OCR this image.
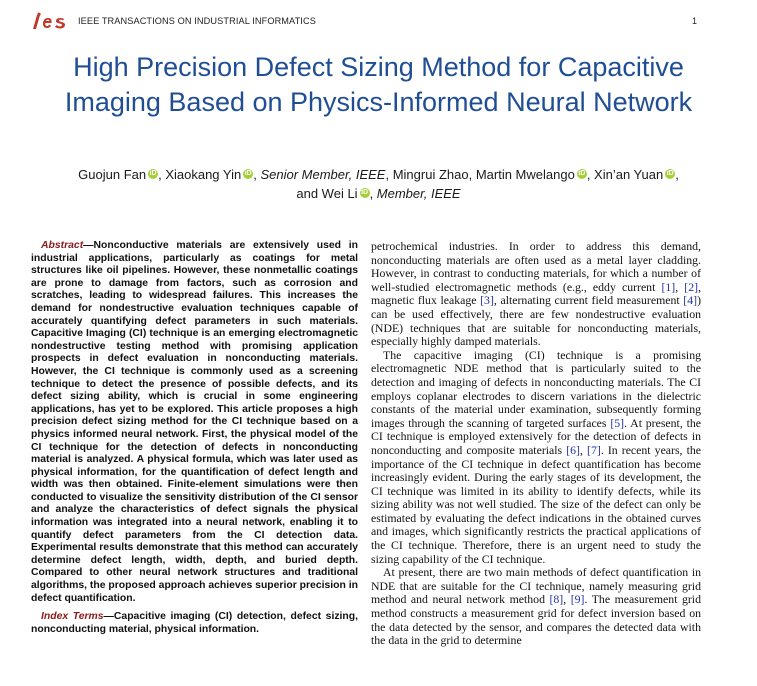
ies
IEEE TRANSACTIONS ON INDUSTRIAL INFORMATICS	1
High Precision Defect Sizing Method for Capacitive Imaging Based on Physics-Informed Neural Network
Guojun Fan iD , Xiaokang Yin iD , Senior Member, IEEE, Mingrui Zhao, Martin Mwelango iD , Xin’an Yuan iD ,
and Wei Li iD , Member, IEEE

Abstract—Nonconductive materials are extensively used in industrial applications, particularly as coatings for metal structures like oil pipelines. However, these nonmetallic coatings are prone to damage from factors, such as corrosion and scratches, leading to widespread failures. This increases the demand for nondestructive evaluation techniques capable of accurately quantifying defect parameters in such materials. Capacitive Imaging (CI) technique is an emerging electromagnetic nondestructive testing method with promising application prospects in defect evaluation in nonconducting materials. However, the CI technique is commonly used as a screening technique to detect the presence of possible defects, and its defect sizing ability, which is crucial in some engineering applications, has yet to be explored. This article proposes a high precision defect sizing method for the CI technique based on a physics informed neural network. First, the physical model of the CI technique for the detection of defects in nonconducting material is analyzed. A physical formula, which was later used as physical information, for the quantification of defect length and width was then obtained. Finite-element simulations were then conducted to visualize the sensitivity distribution of the CI sensor and analyze the characteristics of defect signals the physical information was integrated into a neural network, enabling it to quantify defect parameters from the CI detection data. Experimental results demonstrate that this method can accurately determine defect length, width, depth, and buried depth. Compared to other neural network structures and traditional algorithms, the proposed approach achieves superior precision in defect quantification.

Index Terms—Capacitive imaging (CI) detection, defect sizing, nonconducting material, physical information.

petrochemical industries. In order to address this demand, nonconducting materials are often used as a metal layer cladding. However, in contrast to conducting materials, for which a number of well-studied electromagnetic methods (e.g., eddy current [1], [2], magnetic flux leakage [3], alternating current field measurement [4]) can be used effectively, there are few nondestructive evaluation (NDE) techniques that are suitable for nonconducting materials, especially highly damped materials.

The capacitive imaging (CI) technique is a promising electromagnetic NDE method that is particularly suited to the detection and imaging of defects in nonconducting materials. The CI employs coplanar electrodes to discern variations in the dielectric constants of the material under examination, subsequently forming images through the scanning of targeted surfaces [5]. At present, the CI technique is employed extensively for the detection of defects in nonconducting and composite materials [6], [7]. In recent years, the importance of the CI technique in defect quantification has become increasingly evident. During the early stages of its development, the CI technique was limited in its ability to identify defects, while its sizing ability was not well studied. The size of the defect can only be estimated by evaluating the defect indications in the obtained curves and images, which significantly restricts the practical applications of the CI technique. Therefore, there is an urgent need to study the sizing capability of the CI technique.

At present, there are two main methods of defect quantification in NDE that are suitable for the CI technique, namely measuring grid method and neural network method [8], [9]. The measurement grid method constructs a measurement grid for defect inversion based on the data detected by the sensor, and compares the detected data with the data in the grid to determine
